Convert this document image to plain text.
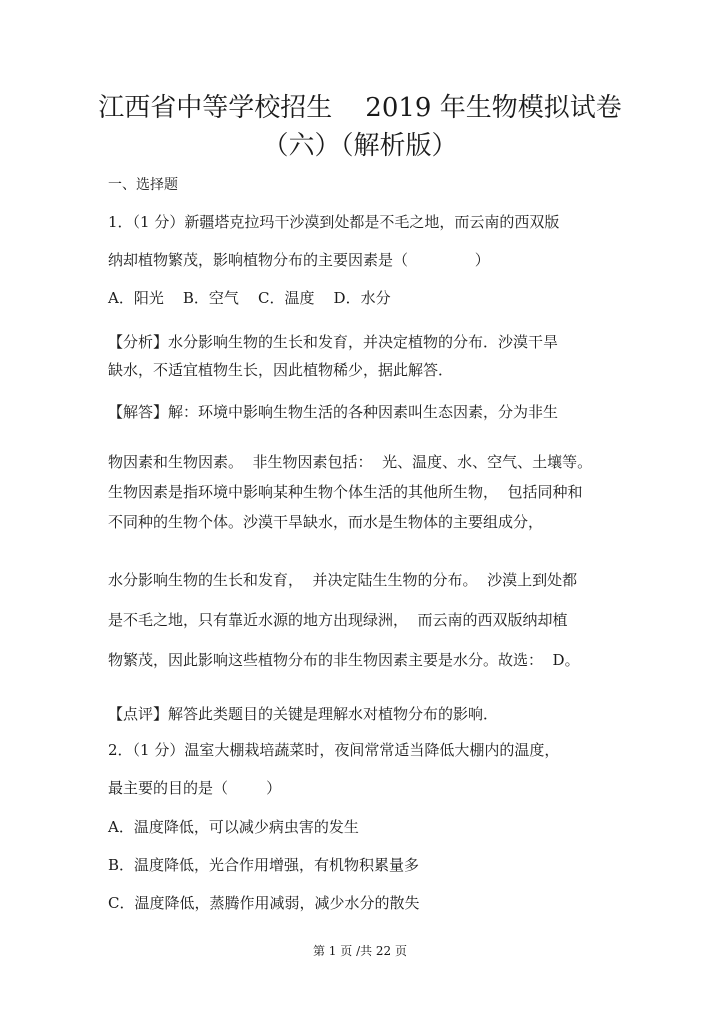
江西省中等学校招生    2019 年生物模拟试卷
（六）（解析版）
一、选择题
1．（1 分）新疆塔克拉玛干沙漠到处都是不毛之地，而云南的西双版
纳却植物繁茂，影响植物分布的主要因素是（              ）
A．阳光    B．空气    C．温度    D．水分
【分析】水分影响生物的生长和发育，并决定植物的分布．沙漠干旱
缺水，不适宜植物生长，因此植物稀少，据此解答．
【解答】解：环境中影响生物生活的各种因素叫生态因素，分为非生
物因素和生物因素。  非生物因素包括：  光、温度、水、空气、土壤等。
生物因素是指环境中影响某种生物个体生活的其他所生物，  包括同种和
不同种的生物个体。沙漠干旱缺水，而水是生物体的主要组成分，
水分影响生物的生长和发育，  并决定陆生生物的分布。  沙漠上到处都
是不毛之地，只有靠近水源的地方出现绿洲，  而云南的西双版纳却植
物繁茂，因此影响这些植物分布的非生物因素主要是水分。故选：  D。
【点评】解答此类题目的关键是理解水对植物分布的影响．
2．（1 分）温室大棚栽培蔬菜时，夜间常常适当降低大棚内的温度，
最主要的目的是（        ）
A．温度降低，可以减少病虫害的发生
B．温度降低，光合作用增强，有机物积累量多
C．温度降低，蒸腾作用减弱，减少水分的散失
第 1 页 /共 22 页
